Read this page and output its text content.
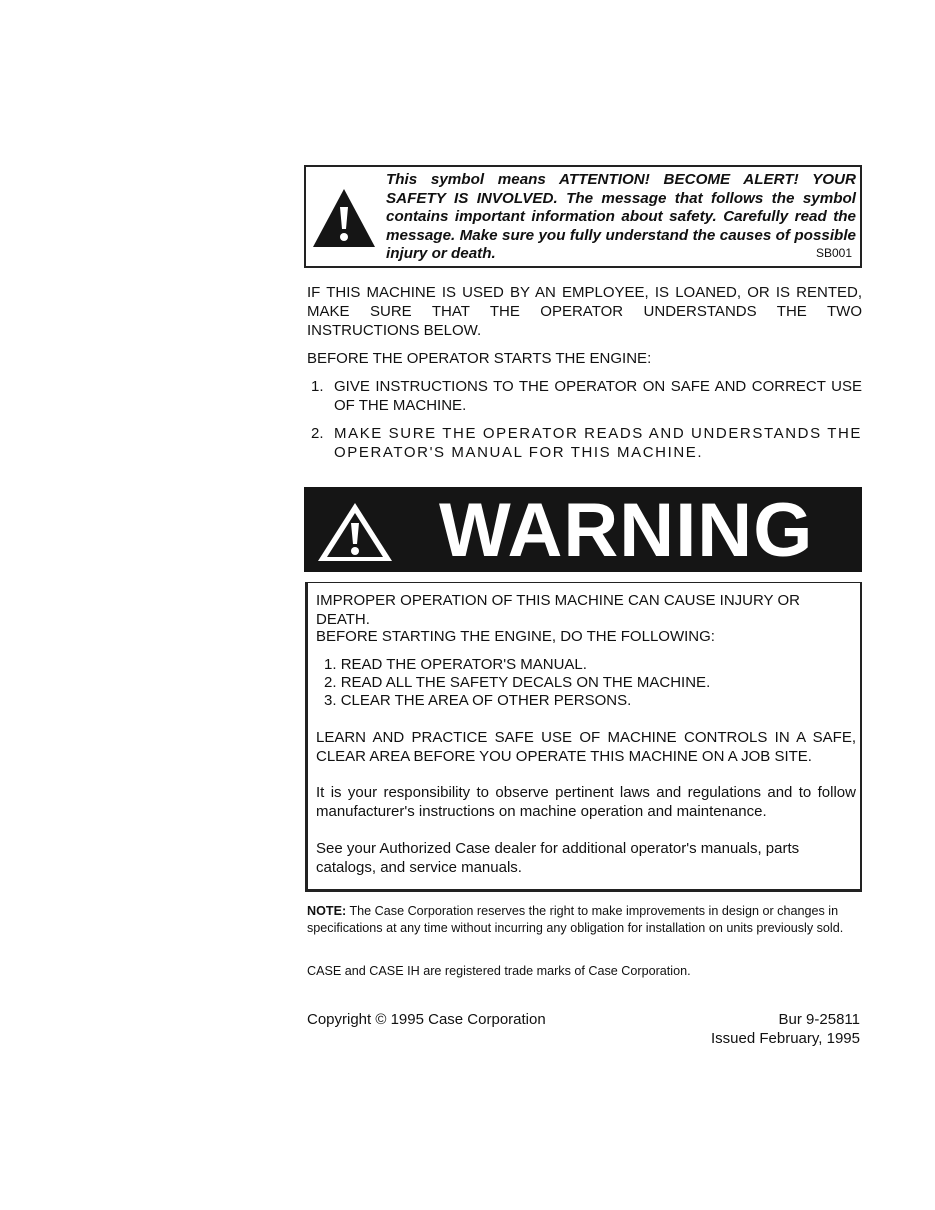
This symbol means ATTENTION! BECOME ALERT! YOUR SAFETY IS INVOLVED. The message that follows the symbol contains important information about safety. Carefully read the message. Make sure you fully understand the causes of possible injury or death.	SB001
IF THIS MACHINE IS USED BY AN EMPLOYEE, IS LOANED, OR IS RENTED, MAKE SURE THAT THE OPERATOR UNDERSTANDS THE TWO INSTRUCTIONS BELOW.
BEFORE THE OPERATOR STARTS THE ENGINE:
1. GIVE INSTRUCTIONS TO THE OPERATOR ON SAFE AND CORRECT USE OF THE MACHINE.
2. MAKE SURE THE OPERATOR READS AND UNDERSTANDS THE OPERATOR'S MANUAL FOR THIS MACHINE.
WARNING
IMPROPER OPERATION OF THIS MACHINE CAN CAUSE INJURY OR DEATH.
BEFORE STARTING THE ENGINE, DO THE FOLLOWING:
1. READ THE OPERATOR'S MANUAL.
2. READ ALL THE SAFETY DECALS ON THE MACHINE.
3. CLEAR THE AREA OF OTHER PERSONS.
LEARN AND PRACTICE SAFE USE OF MACHINE CONTROLS IN A SAFE, CLEAR AREA BEFORE YOU OPERATE THIS MACHINE ON A JOB SITE.
It is your responsibility to observe pertinent laws and regulations and to follow manufacturer's instructions on machine operation and maintenance.
See your Authorized Case dealer for additional operator's manuals, parts catalogs, and service manuals.
NOTE: The Case Corporation reserves the right to make improvements in design or changes in specifications at any time without incurring any obligation for installation on units previously sold.
CASE and CASE IH are registered trade marks of Case Corporation.
Copyright © 1995 Case Corporation	Bur 9-25811
Issued February, 1995
